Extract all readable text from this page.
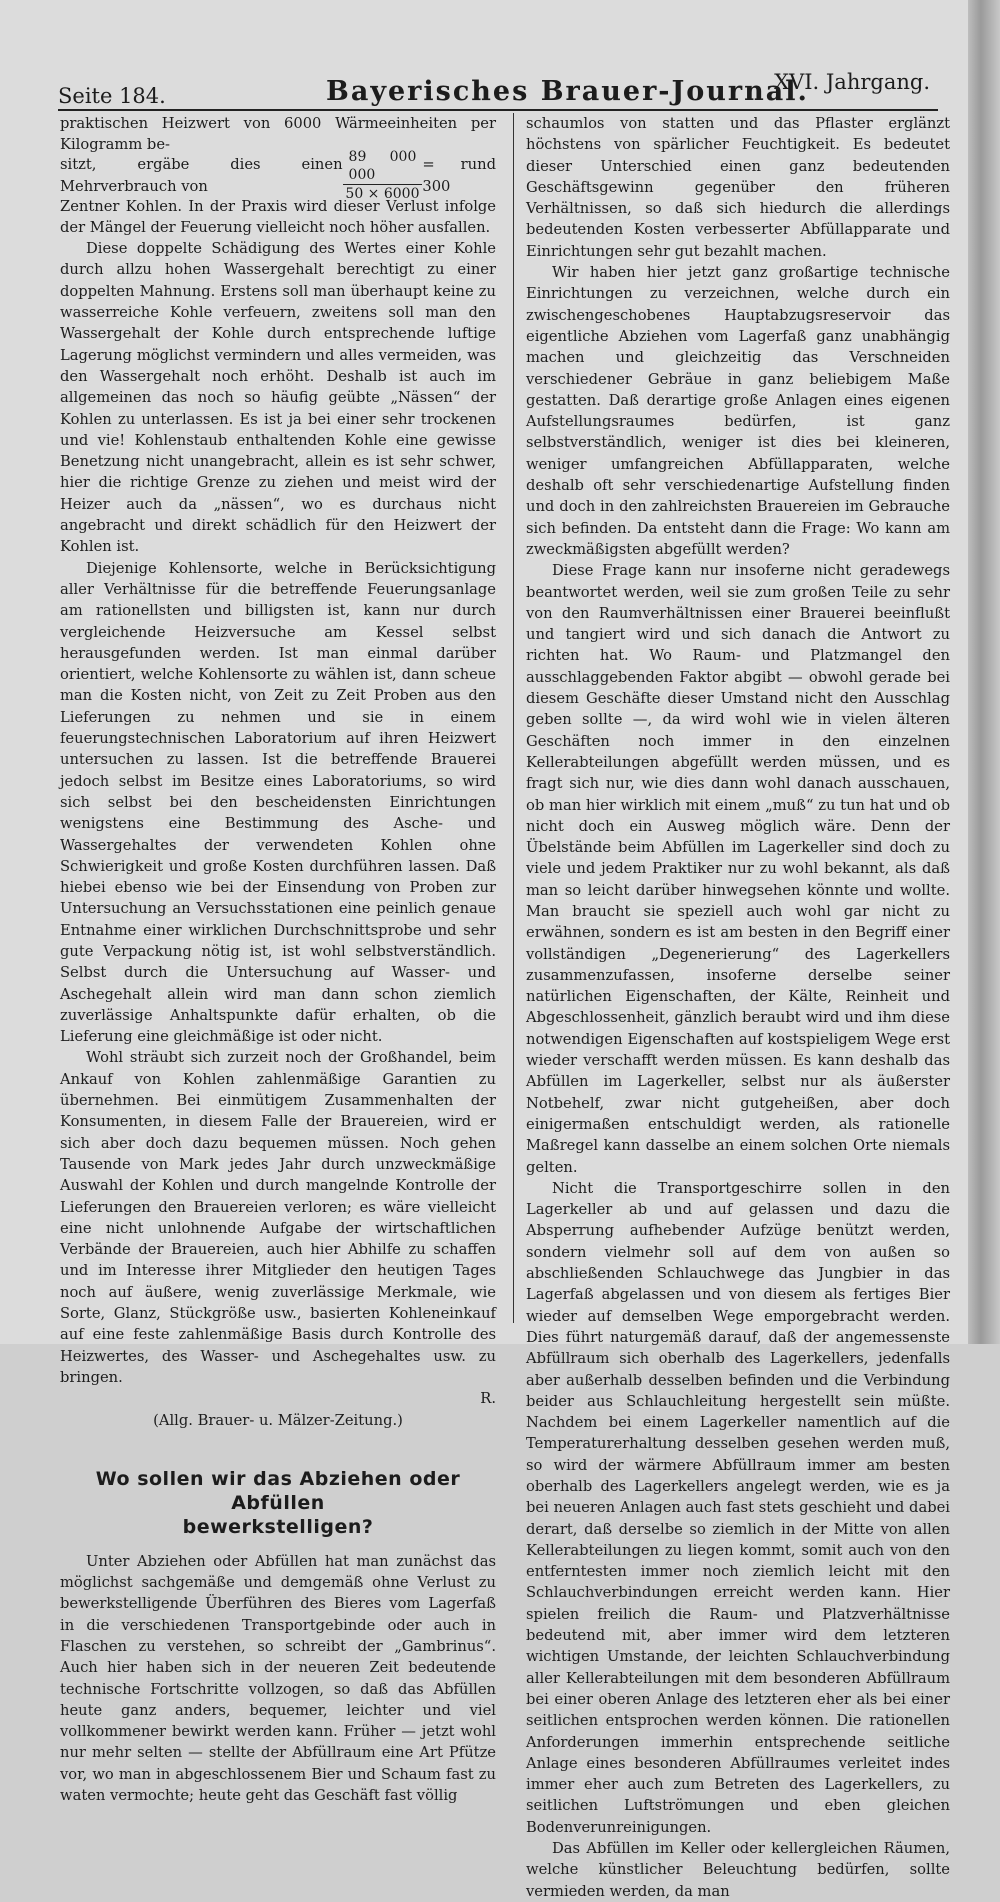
Seite 184.	Bayerisches Brauer-Journal.
XVI. Jahrgang.

praktischen Heizwert von 6000 Wärmeeinheiten per Kilogramm be-

sitzt, ergäbe dies einen Mehrverbrauch von	$\frac{89 000 000}{50 \times 6000}$ = rund 300

Zentner Kohlen. In der Praxis wird dieser Verlust infolge der Mängel der Feuerung vielleicht noch höher ausfallen.

Diese doppelte Schädigung des Wertes einer Kohle durch allzu hohen Wassergehalt berechtigt zu einer doppelten Mahnung. Erstens soll man überhaupt keine zu wasserreiche Kohle verfeuern, zweitens soll man den Wassergehalt der Kohle durch entsprechende luftige Lagerung möglichst vermindern und alles vermeiden, was den Wassergehalt noch erhöht. Deshalb ist auch im allgemeinen das noch so häufig geübte „Nässen“ der Kohlen zu unterlassen. Es ist ja bei einer sehr trockenen und vie! Kohlenstaub enthaltenden Kohle eine gewisse Benetzung nicht unangebracht, allein es ist sehr schwer, hier die richtige Grenze zu ziehen und meist wird der Heizer auch da „nässen“, wo es durchaus nicht angebracht und direkt schädlich für den Heizwert der Kohlen ist.

Diejenige Kohlensorte, welche in Berücksichtigung aller Verhältnisse für die betreffende Feuerungsanlage am rationellsten und billigsten ist, kann nur durch vergleichende Heizversuche am Kessel selbst herausgefunden werden. Ist man einmal darüber orientiert, welche Kohlensorte zu wählen ist, dann scheue man die Kosten nicht, von Zeit zu Zeit Proben aus den Lieferungen zu nehmen und sie in einem feuerungstechnischen Laboratorium auf ihren Heizwert untersuchen zu lassen. Ist die betreffende Brauerei jedoch selbst im Besitze eines Laboratoriums, so wird sich selbst bei den bescheidensten Einrichtungen wenigstens eine Bestimmung des Asche- und Wassergehaltes der verwendeten Kohlen ohne Schwierigkeit und große Kosten durchführen lassen. Daß hiebei ebenso wie bei der Einsendung von Proben zur Untersuchung an Versuchsstationen eine peinlich genaue Entnahme einer wirklichen Durchschnittsprobe und sehr gute Verpackung nötig ist, ist wohl selbstverständlich. Selbst durch die Untersuchung auf Wasser- und Aschegehalt allein wird man dann schon ziemlich zuverlässige Anhaltspunkte dafür erhalten, ob die Lieferung eine gleichmäßige ist oder nicht.

Wohl sträubt sich zurzeit noch der Großhandel, beim Ankauf von Kohlen zahlenmäßige Garantien zu übernehmen. Bei einmütigem Zusammenhalten der Konsumenten, in diesem Falle der Brauereien, wird er sich aber doch dazu bequemen müssen. Noch gehen Tausende von Mark jedes Jahr durch unzweckmäßige Auswahl der Kohlen und durch mangelnde Kontrolle der Lieferungen den Brauereien verloren; es wäre vielleicht eine nicht unlohnende Aufgabe der wirtschaftlichen Verbände der Brauereien, auch hier Abhilfe zu schaffen und im Interesse ihrer Mitglieder den heutigen Tages noch auf äußere, wenig zuverlässige Merkmale, wie Sorte, Glanz, Stückgröße usw., basierten Kohleneinkauf auf eine feste zahlenmäßige Basis durch Kontrolle des Heizwertes, des Wasser- und Aschegehaltes usw. zu bringen.

R.

(Allg. Brauer- u. Mälzer-Zeitung.)

Wo sollen wir das Abziehen oder Abfüllen
bewerkstelligen?

Unter Abziehen oder Abfüllen hat man zunächst das möglichst sachgemäße und demgemäß ohne Verlust zu bewerkstelligende Überführen des Bieres vom Lagerfaß in die verschiedenen Transportgebinde oder auch in Flaschen zu verstehen, so schreibt der „Gambrinus“. Auch hier haben sich in der neueren Zeit bedeutende technische Fortschritte vollzogen, so daß das Abfüllen heute ganz anders, bequemer, leichter und viel vollkommener bewirkt werden kann. Früher — jetzt wohl nur mehr selten — stellte der Abfüllraum eine Art Pfütze vor, wo man in abgeschlossenem Bier und Schaum fast zu waten vermochte; heute geht das Geschäft fast völlig

schaumlos von statten und das Pflaster erglänzt höchstens von spärlicher Feuchtigkeit. Es bedeutet dieser Unterschied einen ganz bedeutenden Geschäftsgewinn gegenüber den früheren Verhältnissen, so daß sich hiedurch die allerdings bedeutenden Kosten verbesserter Abfüllapparate und Einrichtungen sehr gut bezahlt machen.

Wir haben hier jetzt ganz großartige technische Einrichtungen zu verzeichnen, welche durch ein zwischengeschobenes Hauptabzugsreservoir das eigentliche Abziehen vom Lagerfaß ganz unabhängig machen und gleichzeitig das Verschneiden verschiedener Gebräue in ganz beliebigem Maße gestatten. Daß derartige große Anlagen eines eigenen Aufstellungsraumes bedürfen, ist ganz selbstverständlich, weniger ist dies bei kleineren, weniger umfangreichen Abfüllapparaten, welche deshalb oft sehr verschiedenartige Aufstellung finden und doch in den zahlreichsten Brauereien im Gebrauche sich befinden. Da entsteht dann die Frage: Wo kann am zweckmäßigsten abgefüllt werden?

Diese Frage kann nur insoferne nicht geradewegs beantwortet werden, weil sie zum großen Teile zu sehr von den Raumverhältnissen einer Brauerei beeinflußt und tangiert wird und sich danach die Antwort zu richten hat. Wo Raum- und Platzmangel den ausschlaggebenden Faktor abgibt — obwohl gerade bei diesem Geschäfte dieser Umstand nicht den Ausschlag geben sollte —, da wird wohl wie in vielen älteren Geschäften noch immer in den einzelnen Kellerabteilungen abgefüllt werden müssen, und es fragt sich nur, wie dies dann wohl danach ausschauen, ob man hier wirklich mit einem „muß“ zu tun hat und ob nicht doch ein Ausweg möglich wäre. Denn der Übelstände beim Abfüllen im Lagerkeller sind doch zu viele und jedem Praktiker nur zu wohl bekannt, als daß man so leicht darüber hinwegsehen könnte und wollte. Man braucht sie speziell auch wohl gar nicht zu erwähnen, sondern es ist am besten in den Begriff einer vollständigen „Degenerierung“ des Lagerkellers zusammenzufassen, insoferne derselbe seiner natürlichen Eigenschaften, der Kälte, Reinheit und Abgeschlossenheit, gänzlich beraubt wird und ihm diese notwendigen Eigenschaften auf kostspieligem Wege erst wieder verschafft werden müssen. Es kann deshalb das Abfüllen im Lagerkeller, selbst nur als äußerster Notbehelf, zwar nicht gutgeheißen, aber doch einigermaßen entschuldigt werden, als rationelle Maßregel kann dasselbe an einem solchen Orte niemals gelten.

Nicht die Transportgeschirre sollen in den Lagerkeller ab und auf gelassen und dazu die Absperrung aufhebender Aufzüge benützt werden, sondern vielmehr soll auf dem von außen so abschließenden Schlauchwege das Jungbier in das Lagerfaß abgelassen und von diesem als fertiges Bier wieder auf demselben Wege emporgebracht werden. Dies führt naturgemäß darauf, daß der angemessenste Abfüllraum sich oberhalb des Lagerkellers, jedenfalls aber außerhalb desselben befinden und die Verbindung beider aus Schlauchleitung hergestellt sein müßte. Nachdem bei einem Lagerkeller namentlich auf die Temperaturerhaltung desselben gesehen werden muß, so wird der wärmere Abfüllraum immer am besten oberhalb des Lagerkellers angelegt werden, wie es ja bei neueren Anlagen auch fast stets geschieht und dabei derart, daß derselbe so ziemlich in der Mitte von allen Kellerabteilungen zu liegen kommt, somit auch von den entferntesten immer noch ziemlich leicht mit den Schlauchverbindungen erreicht werden kann. Hier spielen freilich die Raum- und Platzverhältnisse bedeutend mit, aber immer wird dem letzteren wichtigen Umstande, der leichten Schlauchverbindung aller Kellerabteilungen mit dem besonderen Abfüllraum bei einer oberen Anlage des letzteren eher als bei einer seitlichen entsprochen werden können. Die rationellen Anforderungen immerhin entsprechende seitliche Anlage eines besonderen Abfüllraumes verleitet indes immer eher auch zum Betreten des Lagerkellers, zu seitlichen Luftströmungen und eben gleichen Bodenverunreinigungen.

Das Abfüllen im Keller oder kellergleichen Räumen, welche künstlicher Beleuchtung bedürfen, sollte vermieden werden, da man
